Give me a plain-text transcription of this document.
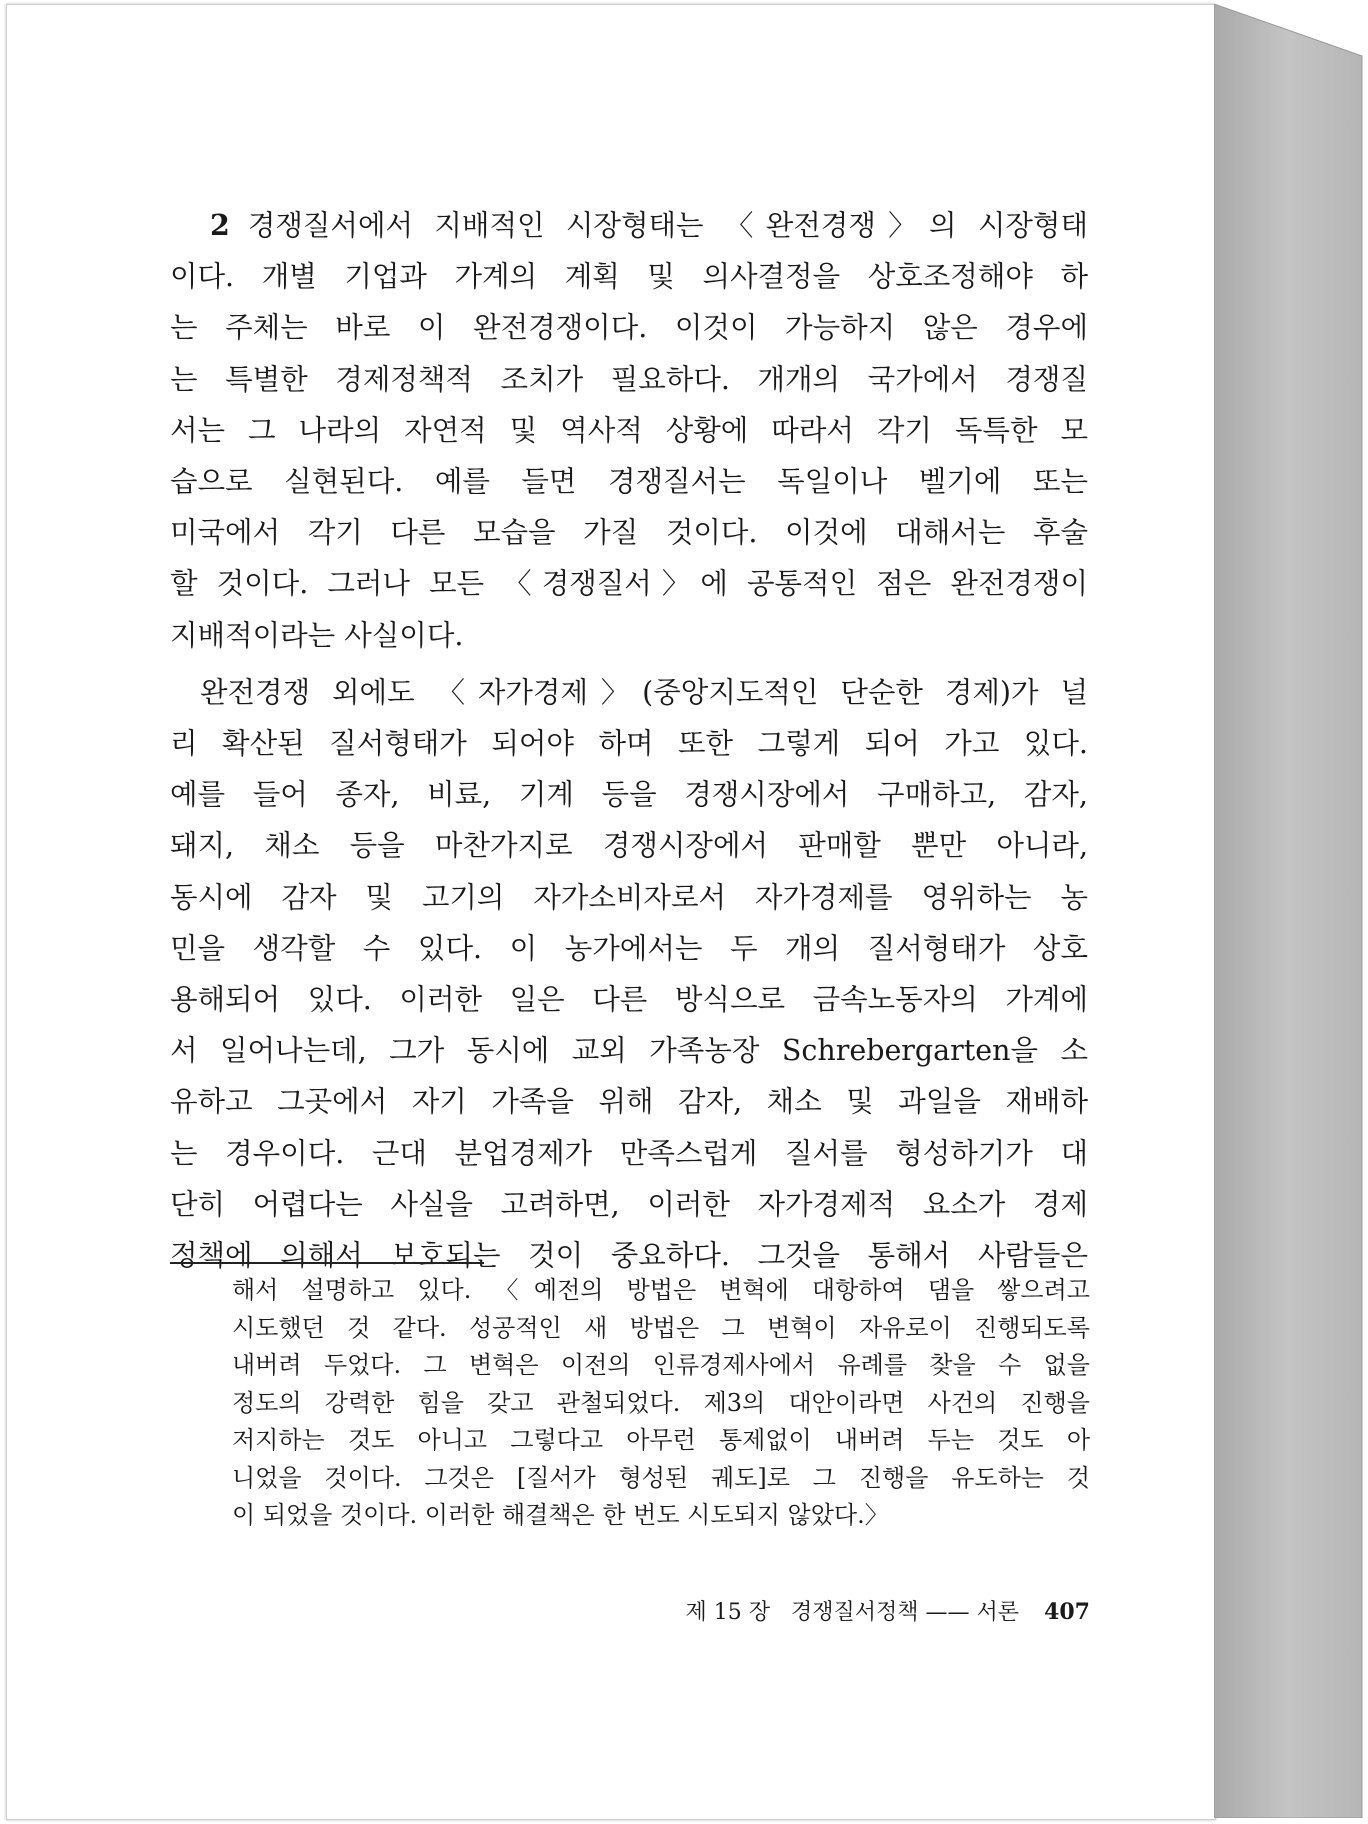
2 경쟁질서에서 지배적인 시장형태는 〈완전경쟁〉의 시장형태
이다. 개별 기업과 가계의 계획 및 의사결정을 상호조정해야 하
는 주체는 바로 이 완전경쟁이다. 이것이 가능하지 않은 경우에
는 특별한 경제정책적 조치가 필요하다. 개개의 국가에서 경쟁질
서는 그 나라의 자연적 및 역사적 상황에 따라서 각기 독특한 모
습으로 실현된다. 예를 들면 경쟁질서는 독일이나 벨기에 또는
미국에서 각기 다른 모습을 가질 것이다. 이것에 대해서는 후술
할 것이다. 그러나 모든 〈경쟁질서〉에 공통적인 점은 완전경쟁이
지배적이라는 사실이다.
완전경쟁 외에도 〈자가경제〉(중앙지도적인 단순한 경제)가 널
리 확산된 질서형태가 되어야 하며 또한 그렇게 되어 가고 있다.
예를 들어 종자, 비료, 기계 등을 경쟁시장에서 구매하고, 감자,
돼지, 채소 등을 마찬가지로 경쟁시장에서 판매할 뿐만 아니라,
동시에 감자 및 고기의 자가소비자로서 자가경제를 영위하는 농
민을 생각할 수 있다. 이 농가에서는 두 개의 질서형태가 상호
용해되어 있다. 이러한 일은 다른 방식으로 금속노동자의 가계에
서 일어나는데, 그가 동시에 교외 가족농장 Schrebergarten을 소
유하고 그곳에서 자기 가족을 위해 감자, 채소 및 과일을 재배하
는 경우이다. 근대 분업경제가 만족스럽게 질서를 형성하기가 대
단히 어렵다는 사실을 고려하면, 이러한 자가경제적 요소가 경제
정책에 의해서 보호되는 것이 중요하다. 그것을 통해서 사람들은
해서 설명하고 있다. 〈예전의 방법은 변혁에 대항하여 댐을 쌓으려고
시도했던 것 같다. 성공적인 새 방법은 그 변혁이 자유로이 진행되도록
내버려 두었다. 그 변혁은 이전의 인류경제사에서 유례를 찾을 수 없을
정도의 강력한 힘을 갖고 관철되었다. 제3의 대안이라면 사건의 진행을
저지하는 것도 아니고 그렇다고 아무런 통제없이 내버려 두는 것도 아
니었을 것이다. 그것은 [질서가 형성된 궤도]로 그 진행을 유도하는 것
이 되었을 것이다. 이러한 해결책은 한 번도 시도되지 않았다.〉
제 15 장 경쟁질서정책 —— 서론 407
